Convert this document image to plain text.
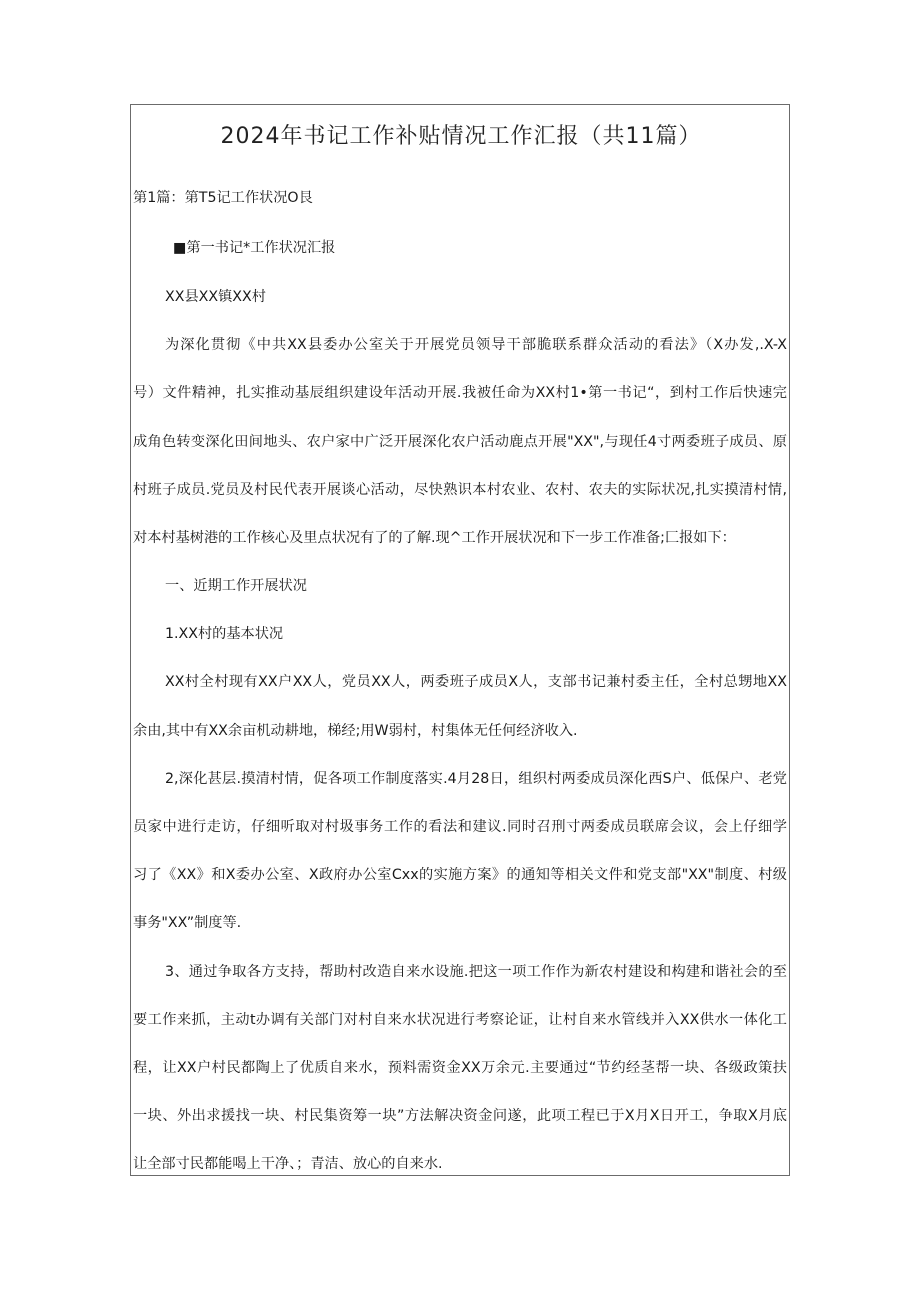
2024年书记工作补贴情况工作汇报（共11篇）

第1篇：第T5记工作状况O艮

■第一书记*工作状况汇报

XX县XX镇XX村

为深化贯彻《中共XX县委办公室关于开展党员领导干部脆联系群众活动的看法》（X办发,.X-X

号）文件精神，扎实推动基辰组织建设年活动开展.我被任命为XX村1•第一书记“，到村工作后快速完

成角色转变深化田间地头、农户家中广泛开展深化农户活动鹿点开展"XX",与现任4寸两委班子成员、原

村班子成员.党员及村民代表开展谈心活动，尽快熟识本村农业、农村、农夫的实际状况,扎实摸清村情,

对本村基树港的工作核心及里点状况有了的了解.现^工作开展状况和下一步工作准备;匚报如下：

一、近期工作开展状况

1.XX村的基本状况

XX村全村现有XX户XX人，党员XX人，两委班子成员X人，支部书记兼村委主任，全村总甥地XX

余由,其中有XX余亩机动耕地，梯经;用W弱村，村集体无任何经济收入.

2,深化甚层.摸清村情，促各项工作制度落实.4月28日，组织村两委成员深化西S户、低保户、老党

员家中进行走访，仔细听取对村圾事务工作的看法和建议.同时召刑寸两委成员联席会议，会上仔细学

习了《XX》和X委办公室、X政府办公室Cxx的实施方案》的通知等相关文件和党支部"XX"制度、村级

事务"XX”制度等.

3、通过争取各方支持，帮助村改造自来水设施.把这一项工作作为新农村建设和构建和谐社会的至

要工作来抓，主动t办调有关部门对村自来水状况进行考察论证，让村自来水管线并入XX供水一体化工

程，让XX户村民都陶上了优质自来水，预料需资金XX万余元.主要通过“节约经茎帮一块、各级政策扶

一块、外出求援找一块、村民集资筹一块”方法解决资金问遂，此项工程已于X月X日开工，争取X月底

让全部寸民都能喝上干净、；青洁、放心的自来水.
